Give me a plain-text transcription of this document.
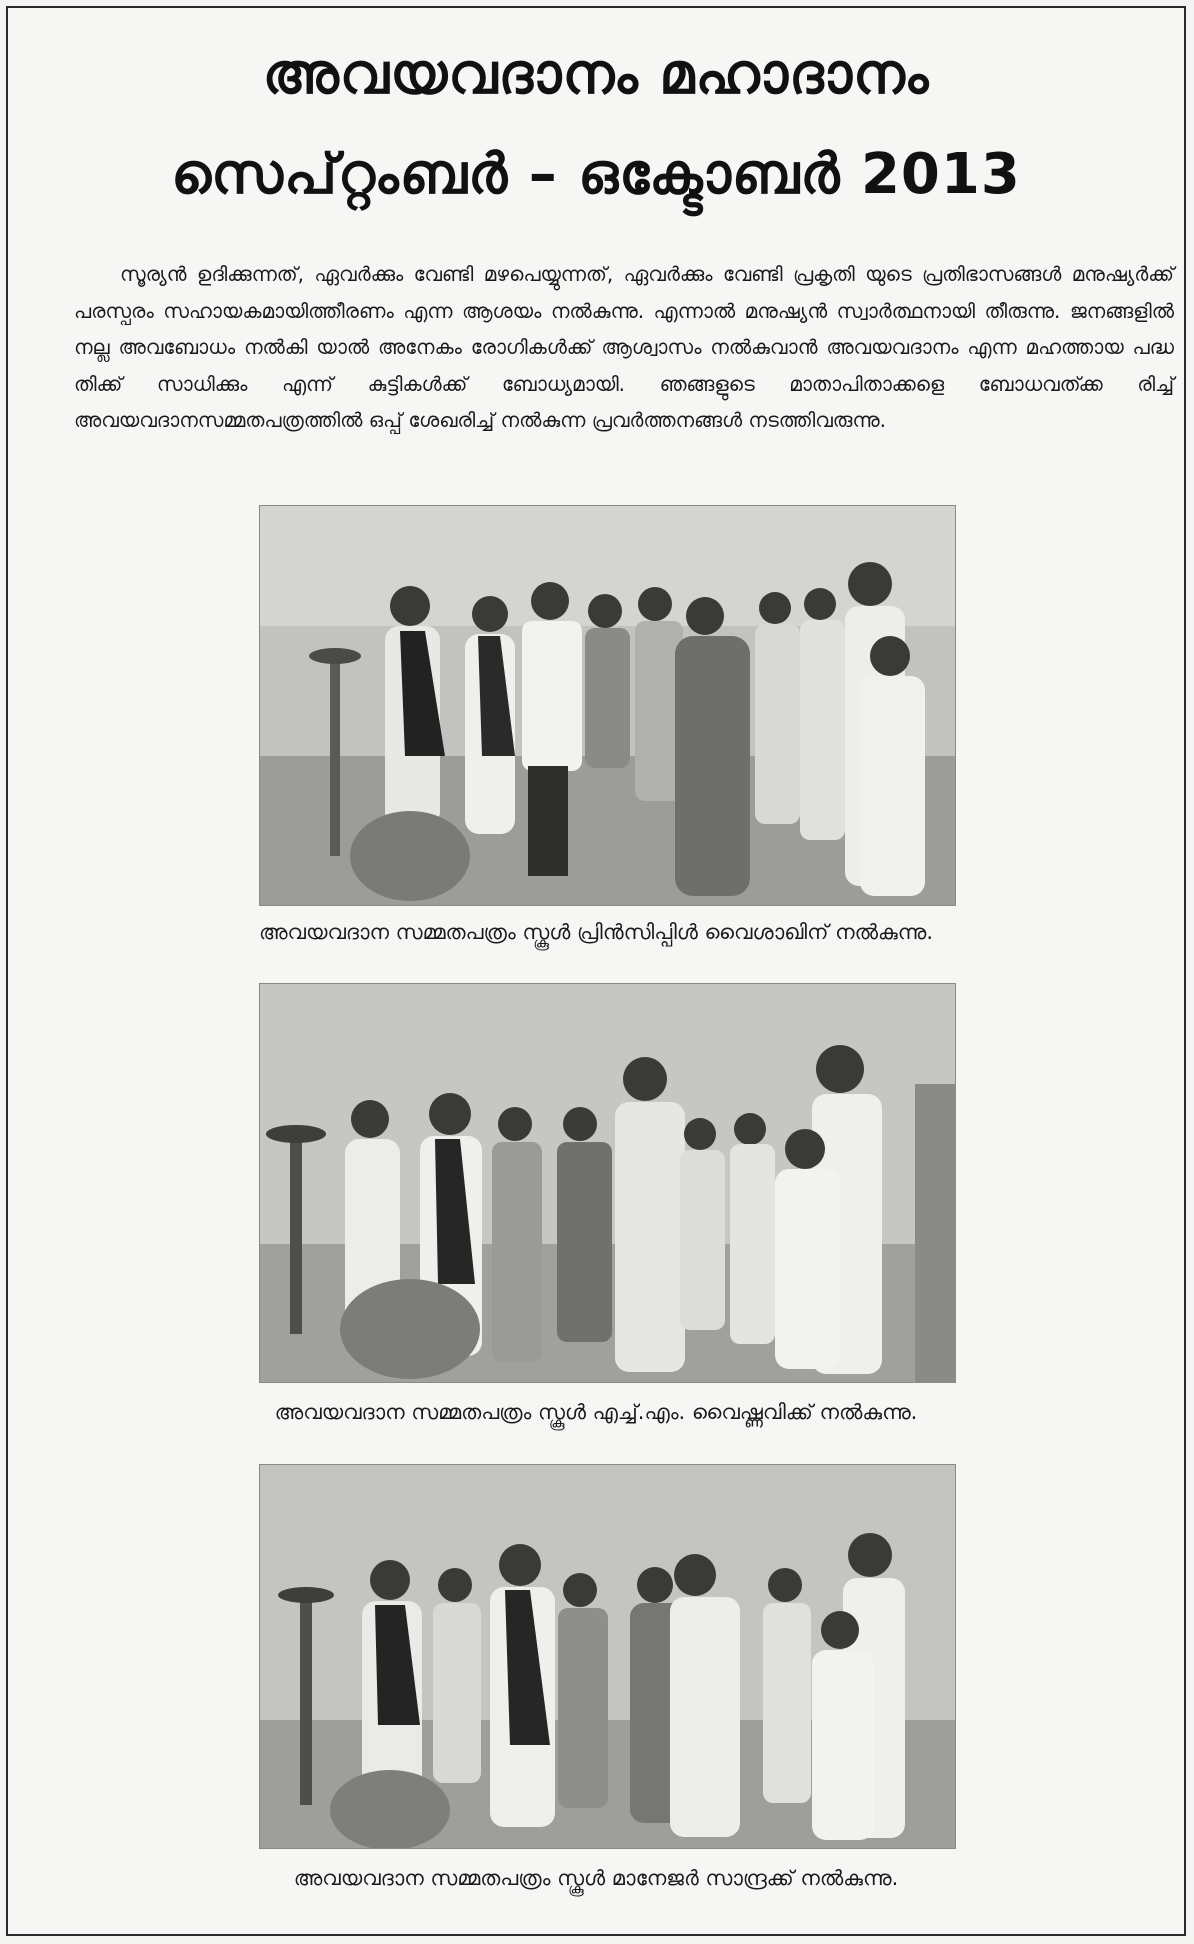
അവയവദാനം മഹാദാനം
സെപ്റ്റംബർ – ഒക്ടോബർ 2013

സൂര്യൻ ഉദിക്കുന്നത്, ഏവർക്കും വേണ്ടി മഴപെയ്യുന്നത്, ഏവർക്കും വേണ്ടി പ്രകൃതി യുടെ പ്രതിഭാസങ്ങൾ മനുഷ്യർക്ക് പരസ്പരം സഹായകമായിത്തീരണം എന്ന ആശയം നൽകുന്നു. എന്നാൽ മനുഷ്യൻ സ്വാർത്ഥനായി തീരുന്നു. ജനങ്ങളിൽ നല്ല അവബോധം നൽകി യാൽ അനേകം രോഗികൾക്ക് ആശ്വാസം നൽകുവാൻ അവയവദാനം എന്ന മഹത്തായ പദ്ധ തിക്ക് സാധിക്കും എന്ന് കുട്ടികൾക്ക് ബോധ്യമായി. ഞങ്ങളുടെ മാതാപിതാക്കളെ ബോധവത്ക്ക രിച്ച് അവയവദാനസമ്മതപത്രത്തിൽ ഒപ്പ് ശേഖരിച്ച് നൽകുന്ന പ്രവർത്തനങ്ങൾ നടത്തിവരുന്നു.

അവയവദാന സമ്മതപത്രം സ്കൂൾ പ്രിൻസിപ്പിൾ വൈശാഖിന് നൽകുന്നു.
അവയവദാന സമ്മതപത്രം സ്കൂൾ എച്ച്.എം. വൈഷ്ണവിക്ക് നൽകുന്നു.
അവയവദാന സമ്മതപത്രം സ്കൂൾ മാനേജർ സാന്ദ്രക്ക് നൽകുന്നു.
